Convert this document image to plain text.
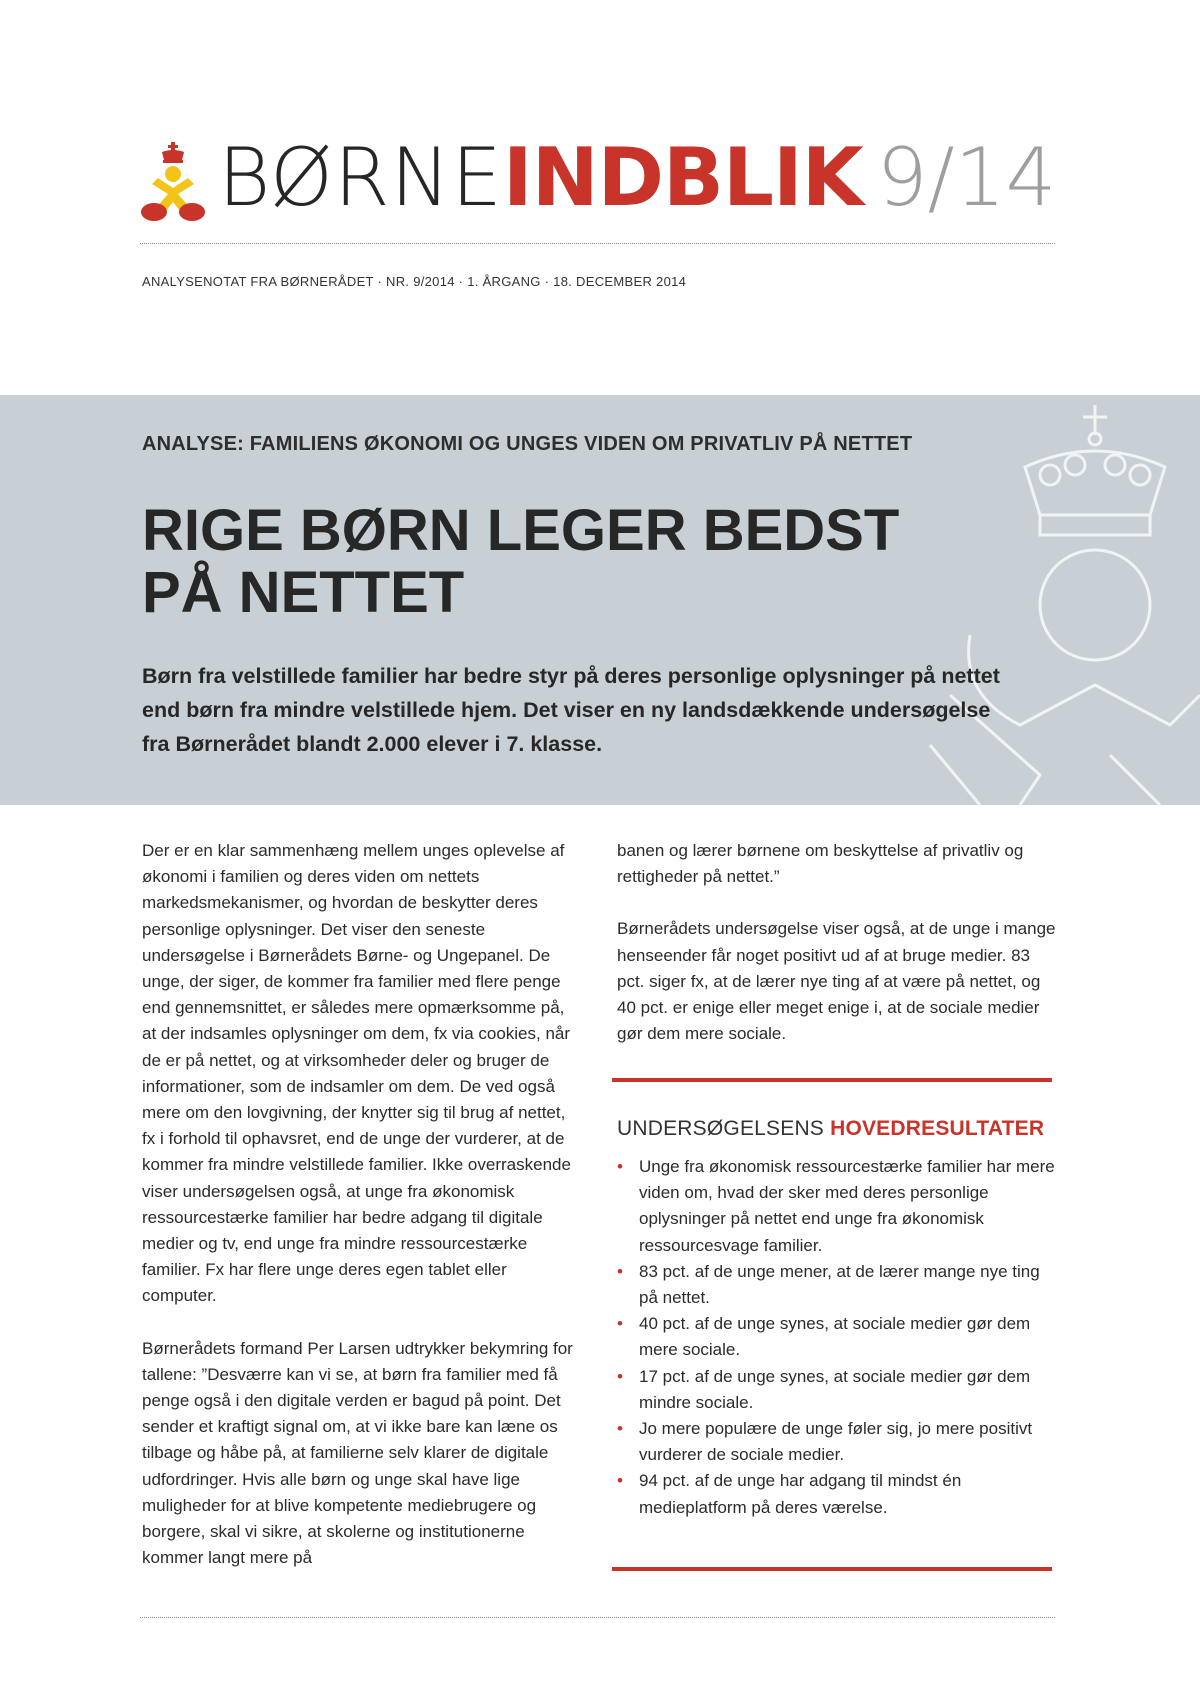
BØRNEINDBLIK 9/14
ANALYSENOTAT FRA BØRNERÅDET · NR. 9/2014 · 1. ÅRGANG · 18. DECEMBER 2014
ANALYSE: FAMILIENS ØKONOMI OG UNGES VIDEN OM PRIVATLIV PÅ NETTET
RIGE BØRN LEGER BEDST
PÅ NETTET
Børn fra velstillede familier har bedre styr på deres personlige oplysninger på nettet end børn fra mindre velstillede hjem. Det viser en ny landsdækkende undersøgelse fra Børnerådet blandt 2.000 elever i 7. klasse.

Der er en klar sammenhæng mellem unges oplevelse af økonomi i familien og deres viden om nettets markedsmekanismer, og hvordan de beskytter deres personlige oplysninger. Det viser den seneste undersøgelse i Børnerådets Børne- og Ungepanel. De unge, der siger, de kommer fra familier med flere penge end gennemsnittet, er således mere opmærksomme på, at der indsamles oplysninger om dem, fx via cookies, når de er på nettet, og at virksomheder deler og bruger de informationer, som de indsamler om dem. De ved også mere om den lovgivning, der knytter sig til brug af nettet, fx i forhold til ophavsret, end de unge der vurderer, at de kommer fra mindre velstillede familier. Ikke overraskende viser undersøgelsen også, at unge fra økonomisk ressourcestærke familier har bedre adgang til digitale medier og tv, end unge fra mindre ressourcestærke familier. Fx har flere unge deres egen tablet eller computer.

Børnerådets formand Per Larsen udtrykker bekymring for tallene: ”Desværre kan vi se, at børn fra familier med få penge også i den digitale verden er bagud på point. Det sender et kraftigt signal om, at vi ikke bare kan læne os tilbage og håbe på, at familierne selv klarer de digitale udfordringer. Hvis alle børn og unge skal have lige muligheder for at blive kompetente mediebrugere og borgere, skal vi sikre, at skolerne og institutionerne kommer langt mere på

banen og lærer børnene om beskyttelse af privatliv og rettigheder på nettet.”

Børnerådets undersøgelse viser også, at de unge i mange henseender får noget positivt ud af at bruge medier. 83 pct. siger fx, at de lærer nye ting af at være på nettet, og 40 pct. er enige eller meget enige i, at de sociale medier gør dem mere sociale.

UNDERSØGELSENS HOVEDRESULTATER
• Unge fra økonomisk ressourcestærke familier har mere viden om, hvad der sker med deres personlige oplysninger på nettet end unge fra økonomisk ressourcesvage familier.
• 83 pct. af de unge mener, at de lærer mange nye ting på nettet.
• 40 pct. af de unge synes, at sociale medier gør dem mere sociale.
• 17 pct. af de unge synes, at sociale medier gør dem mindre sociale.
• Jo mere populære de unge føler sig, jo mere positivt vurderer de sociale medier.
• 94 pct. af de unge har adgang til mindst én medieplatform på deres værelse.
